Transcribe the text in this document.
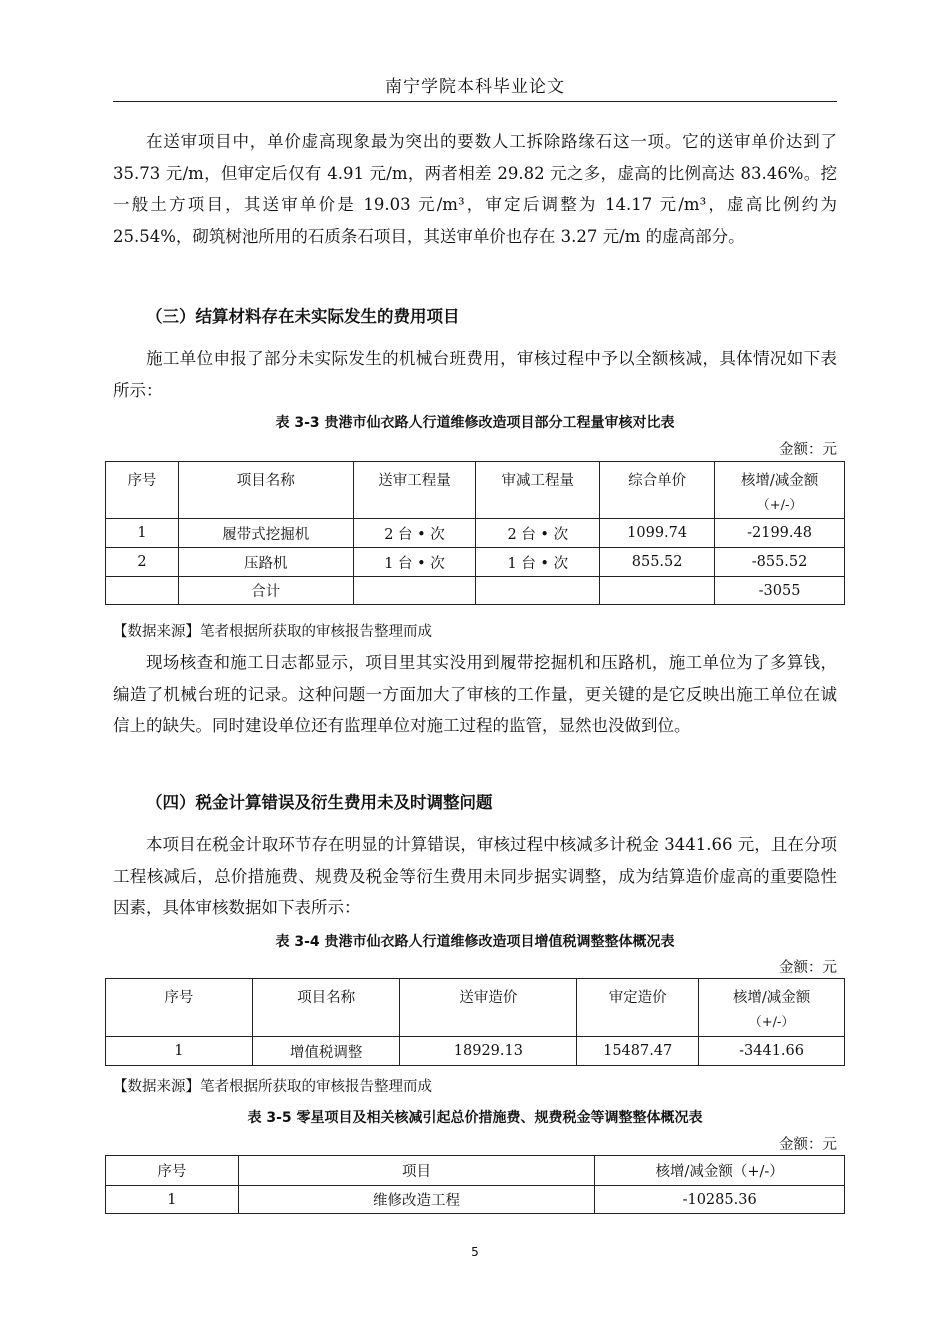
南宁学院本科毕业论文

在送审项目中，单价虚高现象最为突出的要数人工拆除路缘石这一项。它的送审单价达到了 35.73 元/m，但审定后仅有 4.91 元/m，两者相差 29.82 元之多，虚高的比例高达 83.46%。挖一般土方项目，其送审单价是 19.03 元/m³，审定后调整为 14.17 元/m³，虚高比例约为 25.54%，砌筑树池所用的石质条石项目，其送审单价也存在 3.27 元/m 的虚高部分。

（三）结算材料存在未实际发生的费用项目

施工单位申报了部分未实际发生的机械台班费用，审核过程中予以全额核减，具体情况如下表所示：

表 3-3 贵港市仙衣路人行道维修改造项目部分工程量审核对比表
金额：元
序号	项目名称	送审工程量	审减工程量	综合单价	核增/减金额
（+/-）

1	履带式挖掘机	2 台 • 次	2 台 • 次	1099.74	-2199.48
2	压路机	1 台 • 次	1 台 • 次	855.52	-855.52
	合计				-3055
【数据来源】笔者根据所获取的审核报告整理而成

现场核查和施工日志都显示，项目里其实没用到履带挖掘机和压路机，施工单位为了多算钱，编造了机械台班的记录。这种问题一方面加大了审核的工作量，更关键的是它反映出施工单位在诚信上的缺失。同时建设单位还有监理单位对施工过程的监管，显然也没做到位。

（四）税金计算错误及衍生费用未及时调整问题

本项目在税金计取环节存在明显的计算错误，审核过程中核减多计税金 3441.66 元，且在分项工程核减后，总价措施费、规费及税金等衍生费用未同步据实调整，成为结算造价虚高的重要隐性因素，具体审核数据如下表所示：

表 3-4 贵港市仙衣路人行道维修改造项目增值税调整整体概况表
金额：元
序号	项目名称	送审造价	审定造价	核增/减金额
（+/-）

1	增值税调整	18929.13	15487.47	-3441.66
【数据来源】笔者根据所获取的审核报告整理而成
表 3-5 零星项目及相关核减引起总价措施费、规费税金等调整整体概况表
金额：元
序号	项目	核增/减金额（+/-）
1	维修改造工程	-10285.36
5
